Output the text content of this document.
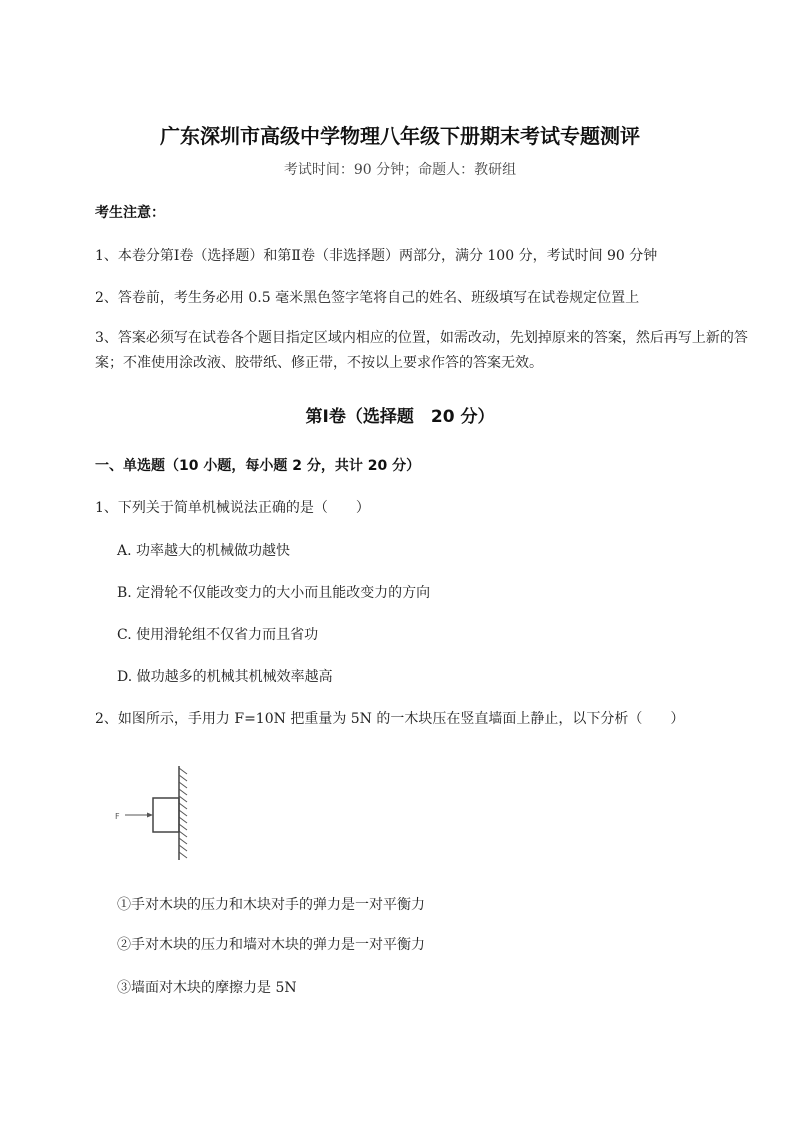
广东深圳市高级中学物理八年级下册期末考试专题测评
考试时间：90 分钟；命题人：教研组
考生注意：
1、本卷分第Ⅰ卷（选择题）和第Ⅱ卷（非选择题）两部分，满分 100 分，考试时间 90 分钟
2、答卷前，考生务必用 0.5 毫米黑色签字笔将自己的姓名、班级填写在试卷规定位置上
3、答案必须写在试卷各个题目指定区域内相应的位置，如需改动，先划掉原来的答案，然后再写上新的答案；不准使用涂改液、胶带纸、修正带，不按以上要求作答的答案无效。
第Ⅰ卷（选择题　20 分）
一、单选题（10 小题，每小题 2 分，共计 20 分）
1、下列关于简单机械说法正确的是（　　）
A. 功率越大的机械做功越快
B. 定滑轮不仅能改变力的大小而且能改变力的方向
C. 使用滑轮组不仅省力而且省功
D. 做功越多的机械其机械效率越高
2、如图所示，手用力 F=10N 把重量为 5N 的一木块压在竖直墙面上静止，以下分析（　　）
F
①手对木块的压力和木块对手的弹力是一对平衡力
②手对木块的压力和墙对木块的弹力是一对平衡力
③墙面对木块的摩擦力是 5N
